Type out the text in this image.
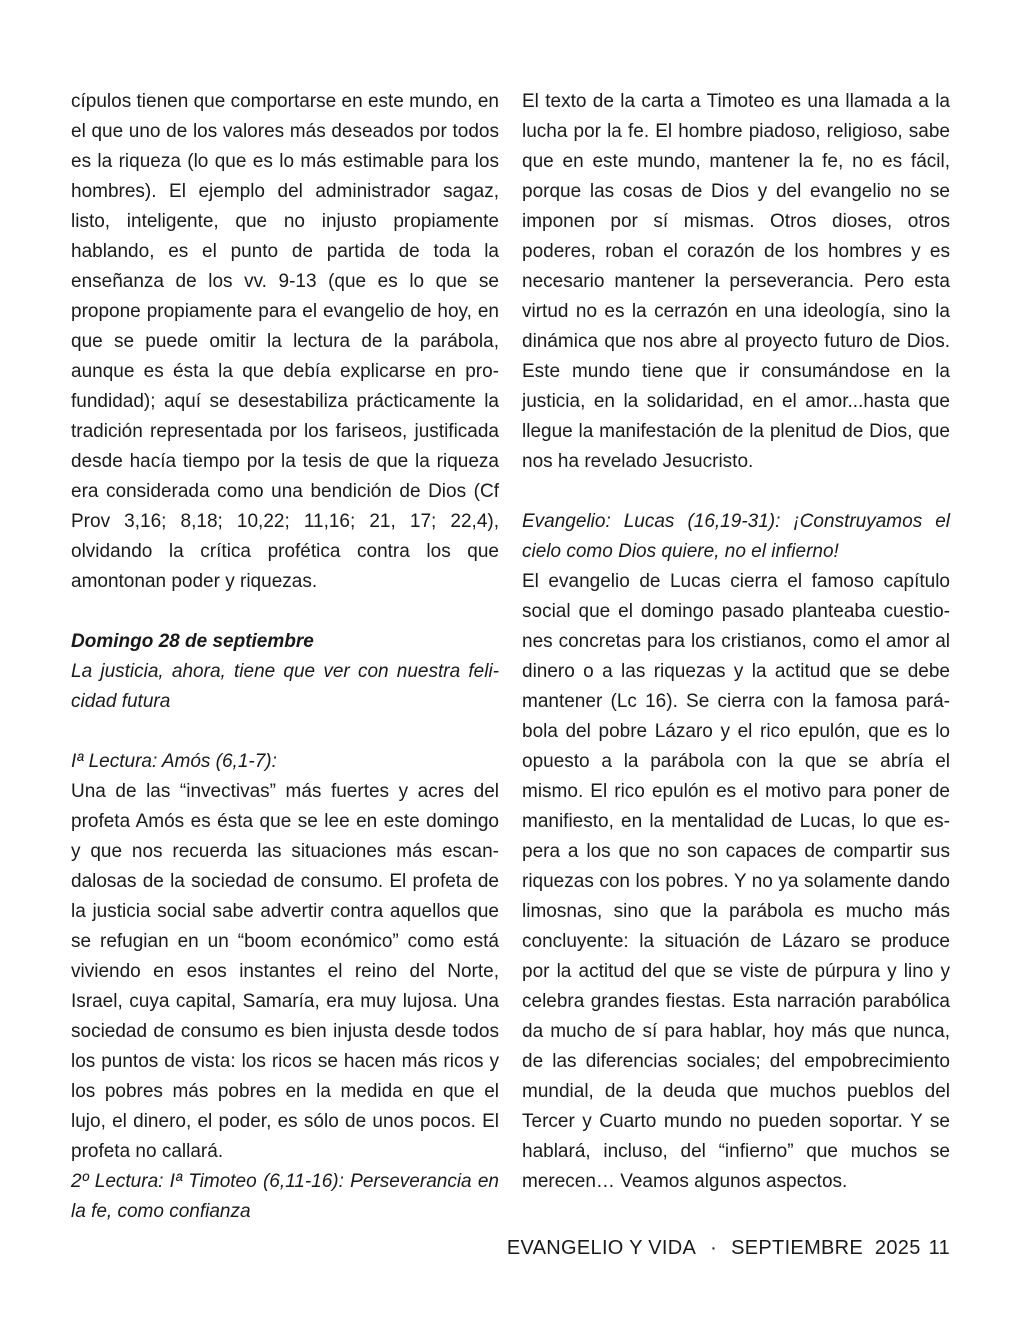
cípulos tienen que comportarse en este mundo, en el que uno de los valores más deseados por todos es la riqueza (lo que es lo más estimable para los hombres). El ejemplo del administrador sagaz, listo, inteligente, que no injusto propiamente hablando, es el punto de partida de toda la enseñanza de los vv. 9-13 (que es lo que se propone propiamente para el evangelio de hoy, en que se puede omitir la lectura de la parábola, aunque es ésta la que debía explicarse en profundidad); aquí se desestabiliza prácticamente la tradición representada por los fariseos, justificada desde hacía tiempo por la tesis de que la riqueza era considerada como una bendición de Dios (Cf Prov 3,16; 8,18; 10,22; 11,16; 21, 17; 22,4), olvidando la crítica profética contra los que amontonan poder y riquezas.

Domingo 28 de septiembre

La justicia, ahora, tiene que ver con nuestra felicidad futura

Iª Lectura: Amós (6,1-7):

Una de las “invectivas” más fuertes y acres del profeta Amós es ésta que se lee en este domingo y que nos recuerda las situaciones más escandalosas de la sociedad de consumo. El profeta de la justicia social sabe advertir contra aquellos que se refugian en un “boom económico” como está viviendo en esos instantes el reino del Norte, Israel, cuya capital, Samaría, era muy lujosa. Una sociedad de consumo es bien injusta desde todos los puntos de vista: los ricos se hacen más ricos y los pobres más pobres en la medida en que el lujo, el dinero, el poder, es sólo de unos pocos. El profeta no callará.

2º Lectura: Iª Timoteo (6,11-16): Perseverancia en la fe, como confianza

El texto de la carta a Timoteo es una llamada a la lucha por la fe. El hombre piadoso, religioso, sabe que en este mundo, mantener la fe, no es fácil, porque las cosas de Dios y del evangelio no se imponen por sí mismas. Otros dioses, otros poderes, roban el corazón de los hombres y es necesario mantener la perseverancia. Pero esta virtud no es la cerrazón en una ideología, sino la dinámica que nos abre al proyecto futuro de Dios. Este mundo tiene que ir consumándose en la justicia, en la solidaridad, en el amor...hasta que llegue la manifestación de la plenitud de Dios, que nos ha revelado Jesucristo.

Evangelio: Lucas (16,19-31): ¡Construyamos el cielo como Dios quiere, no el infierno!

El evangelio de Lucas cierra el famoso capítulo social que el domingo pasado planteaba cuestiones concretas para los cristianos, como el amor al dinero o a las riquezas y la actitud que se debe mantener (Lc 16). Se cierra con la famosa parábola del pobre Lázaro y el rico epulón, que es lo opuesto a la parábola con la que se abría el mismo. El rico epulón es el motivo para poner de manifiesto, en la mentalidad de Lucas, lo que espera a los que no son capaces de compartir sus riquezas con los pobres. Y no ya solamente dando limosnas, sino que la parábola es mucho más concluyente: la situación de Lázaro se produce por la actitud del que se viste de púrpura y lino y celebra grandes fiestas. Esta narración parabólica da mucho de sí para hablar, hoy más que nunca, de las diferencias sociales; del empobrecimiento mundial, de la deuda que muchos pueblos del Tercer y Cuarto mundo no pueden soportar. Y se hablará, incluso, del “infierno” que muchos se merecen… Veamos algunos aspectos.

EVANGELIO Y VIDA · SEPTIEMBRE 2025 11
